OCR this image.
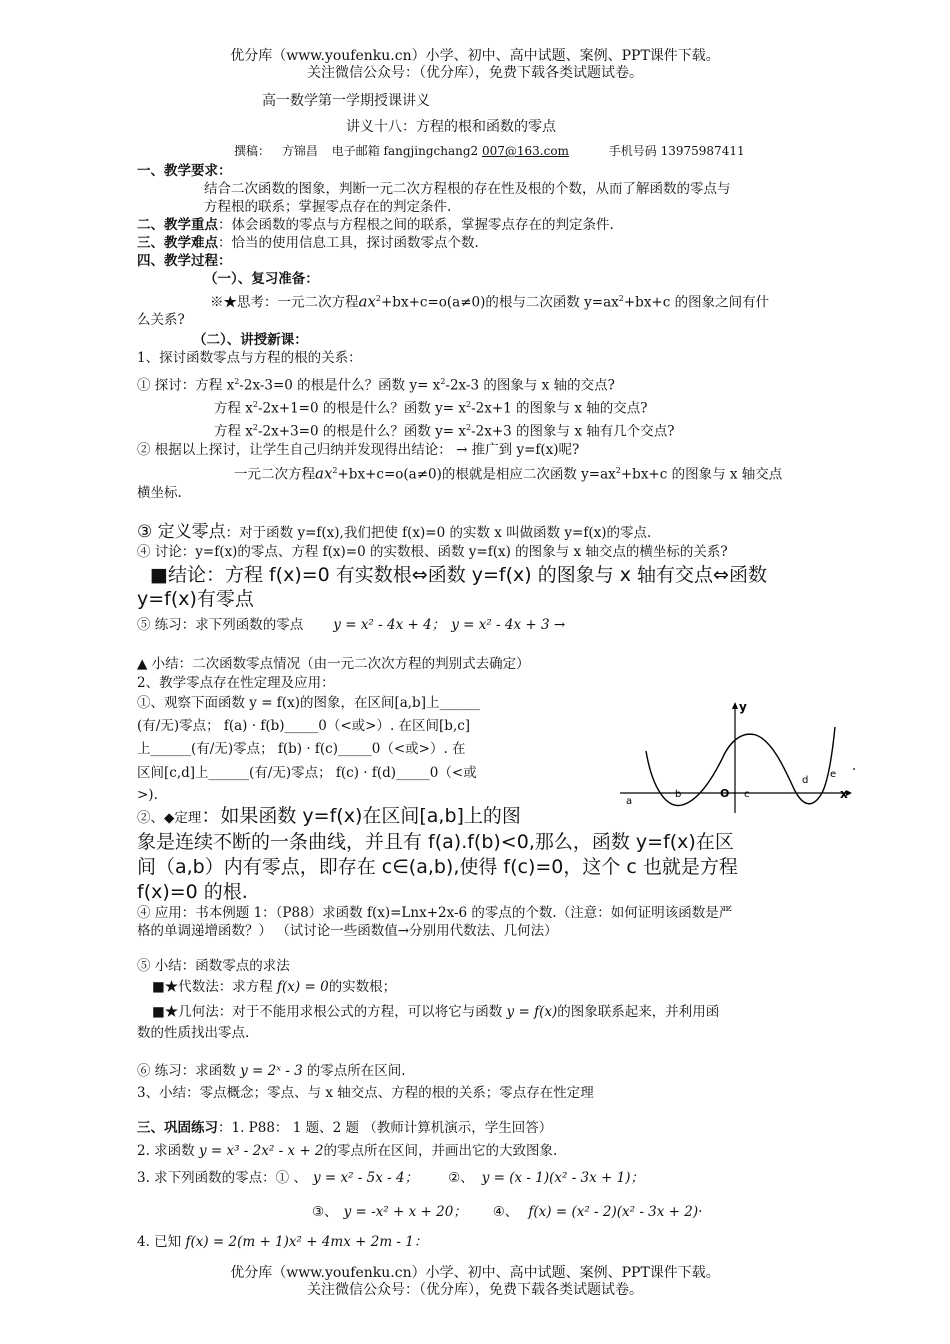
优分库（www.youfenku.cn）小学、初中、高中试题、案例、PPT课件下载。
关注微信公众号：（优分库），免费下载各类试题试卷。
高一数学第一学期授课讲义
讲义十八：方程的根和函数的零点
撰稿： 方锦昌 电子邮箱 fangjingchang2 007@163.com	手机号码 13975987411
一、教学要求：
结合二次函数的图象，判断一元二次方程根的存在性及根的个数，从而了解函数的零点与
方程根的联系；掌握零点存在的判定条件.
二、教学重点：体会函数的零点与方程根之间的联系，掌握零点存在的判定条件.
三、教学难点：恰当的使用信息工具，探讨函数零点个数.
四、教学过程：
（一）、复习准备：
※★思考：一元二次方程$ax^2+bx+c=o(a\ne 0)$的根与二次函数 $y=ax^2+bx+c$ 的图象之间有什
么关系?
（二）、讲授新课：
1、探讨函数零点与方程的根的关系：
① 探讨：方程 $x^2-2x-3=0$ 的根是什么？函数 $y= x^2-2x-3$ 的图象与 x 轴的交点?
方程 $x^2-2x+1=0$ 的根是什么？函数 $y= x^2-2x+1$ 的图象与 x 轴的交点?
方程 $x^2-2x+3=0$ 的根是什么？函数 $y= x^2-2x+3$ 的图象与 x 轴有几个交点?
② 根据以上探讨，让学生自己归纳并发现得出结论： → 推广到 y=f(x)呢?
一元二次方程$ax^2+bx+c=o(a\ne 0)$的根就是相应二次函数 $y=ax^2+bx+c$ 的图象与 x 轴交点
横坐标.
③ 定义零点：对于函数 y=f(x),我们把使 f(x)=0 的实数 x 叫做函数 y=f(x)的零点.
④ 讨论：y=f(x)的零点、方程 f(x)=0 的实数根、函数 y=f(x) 的图象与 x 轴交点的横坐标的关系?
■结论：方程 f(x)=0 有实数根⇔函数 y=f(x) 的图象与 x 轴有交点⇔函数
y=f(x)有零点
⑤ 练习：求下列函数的零点 y = x² - 4x + 4； y = x² - 4x + 3 →
▲ 小结：二次函数零点情况（由一元二次次方程的判别式去确定）
2、教学零点存在性定理及应用：
①、观察下面函数 y = f(x)的图象，在区间[a,b]上______
(有/无)零点； f(a) · f(b)_____0（<或>）. 在区间[b,c]
上______(有/无)零点； f(b) · f(c)_____0（<或>）. 在
区间[c,d]上______(有/无)零点； f(c) · f(d)_____0（<或
>).
y
x
O
a
b	c
d
e
②、◆定理：如果函数 y=f(x)在区间[a,b]上的图
象是连续不断的一条曲线，并且有 f(a).f(b)<0,那么，函数 y=f(x)在区
间（a,b）内有零点，即存在 c∈(a,b),使得 f(c)=0，这个 c 也就是方程
f(x)=0 的根.
④ 应用：书本例题 1：（P88）求函数 f(x)=Lnx+2x-6 的零点的个数.（注意：如何证明该函数是严
格的单调递增函数？） （试讨论一些函数值→分别用代数法、几何法）
⑤ 小结：函数零点的求法
■★代数法：求方程 f(x) = 0的实数根；
■★几何法：对于不能用求根公式的方程，可以将它与函数 y = f(x)的图象联系起来，并利用函
数的性质找出零点.
⑥ 练习：求函数 y = 2ˣ - 3 的零点所在区间.
3、小结：零点概念；零点、与 x 轴交点、方程的根的关系；零点存在性定理
三、巩固练习：1. P88： 1 题、2 题 （教师计算机演示，学生回答）
2. 求函数 y = x³ - 2x² - x + 2的零点所在区间，并画出它的大致图象.
3. 求下列函数的零点：① 、 y = x² - 5x - 4； ②、 y = (x - 1)(x² - 3x + 1)；
③、 y = -x² + x + 20； ④、 f(x) = (x² - 2)(x² - 3x + 2)·
4. 已知 f(x) = 2(m + 1)x² + 4mx + 2m - 1：
优分库（www.youfenku.cn）小学、初中、高中试题、案例、PPT课件下载。
关注微信公众号：（优分库），免费下载各类试题试卷。
